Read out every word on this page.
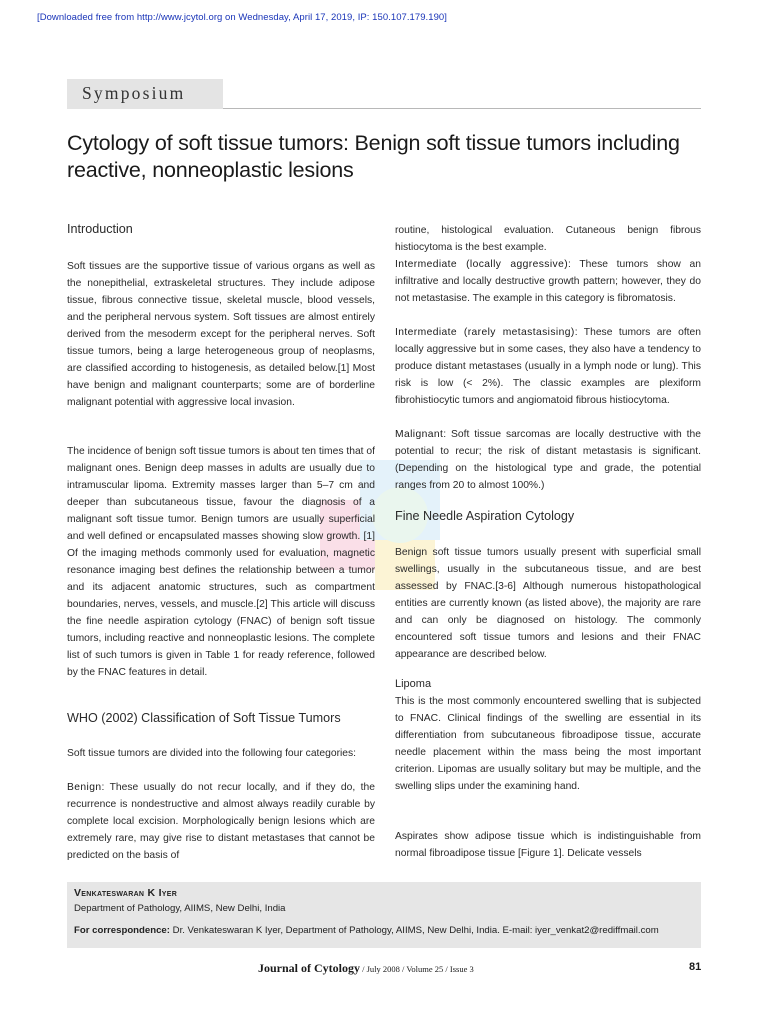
[Downloaded free from http://www.jcytol.org on Wednesday, April 17, 2019, IP: 150.107.179.190]
Symposium
Cytology of soft tissue tumors: Benign soft tissue tumors including reactive, nonneoplastic lesions
Introduction

Soft tissues are the supportive tissue of various organs as well as the nonepithelial, extraskeletal structures. They include adipose tissue, fibrous connective tissue, skeletal muscle, blood vessels, and the peripheral nervous system. Soft tissues are almost entirely derived from the mesoderm except for the peripheral nerves. Soft tissue tumors, being a large heterogeneous group of neoplasms, are classified according to histogenesis, as detailed below.[1] Most have benign and malignant counterparts; some are of borderline malignant potential with aggressive local invasion.

The incidence of benign soft tissue tumors is about ten times that of malignant ones. Benign deep masses in adults are usually due to intramuscular lipoma. Extremity masses larger than 5–7 cm and deeper than subcutaneous tissue, favour the diagnosis of a malignant soft tissue tumor. Benign tumors are usually superficial and well defined or encapsulated masses showing slow growth. [1] Of the imaging methods commonly used for evaluation, magnetic resonance imaging best defines the relationship between a tumor and its adjacent anatomic structures, such as compartment boundaries, nerves, vessels, and muscle.[2] This article will discuss the fine needle aspiration cytology (FNAC) of benign soft tissue tumors, including reactive and nonneoplastic lesions. The complete list of such tumors is given in Table 1 for ready reference, followed by the FNAC features in detail.

WHO (2002) Classification of Soft Tissue Tumors

Soft tissue tumors are divided into the following four categories:

Benign: These usually do not recur locally, and if they do, the recurrence is nondestructive and almost always readily curable by complete local excision. Morphologically benign lesions which are extremely rare, may give rise to distant metastases that cannot be predicted on the basis of

routine, histological evaluation. Cutaneous benign fibrous histiocytoma is the best example.

Intermediate (locally aggressive): These tumors show an infiltrative and locally destructive growth pattern; however, they do not metastasise. The example in this category is fibromatosis.

Intermediate (rarely metastasising): These tumors are often locally aggressive but in some cases, they also have a tendency to produce distant metastases (usually in a lymph node or lung). This risk is low (< 2%). The classic examples are plexiform fibrohistiocytic tumors and angiomatoid fibrous histiocytoma.

Malignant: Soft tissue sarcomas are locally destructive with the potential to recur; the risk of distant metastasis is significant. (Depending on the histological type and grade, the potential ranges from 20 to almost 100%.)

Fine Needle Aspiration Cytology

Benign soft tissue tumors usually present with superficial small swellings, usually in the subcutaneous tissue, and are best assessed by FNAC.[3-6] Although numerous histopathological entities are currently known (as listed above), the majority are rare and can only be diagnosed on histology. The commonly encountered soft tissue tumors and lesions and their FNAC appearance are described below.

Lipoma

This is the most commonly encountered swelling that is subjected to FNAC. Clinical findings of the swelling are essential in its differentiation from subcutaneous fibroadipose tissue, accurate needle placement within the mass being the most important criterion. Lipomas are usually solitary but may be multiple, and the swelling slips under the examining hand.

Aspirates show adipose tissue which is indistinguishable from normal fibroadipose tissue [Figure 1]. Delicate vessels

Venkateswaran K Iyer
Department of Pathology, AIIMS, New Delhi, India
For correspondence: Dr. Venkateswaran K Iyer, Department of Pathology, AIIMS, New Delhi, India. E-mail: iyer_venkat2@rediffmail.com
Journal of Cytology / July 2008 / Volume 25 / Issue 3	81
